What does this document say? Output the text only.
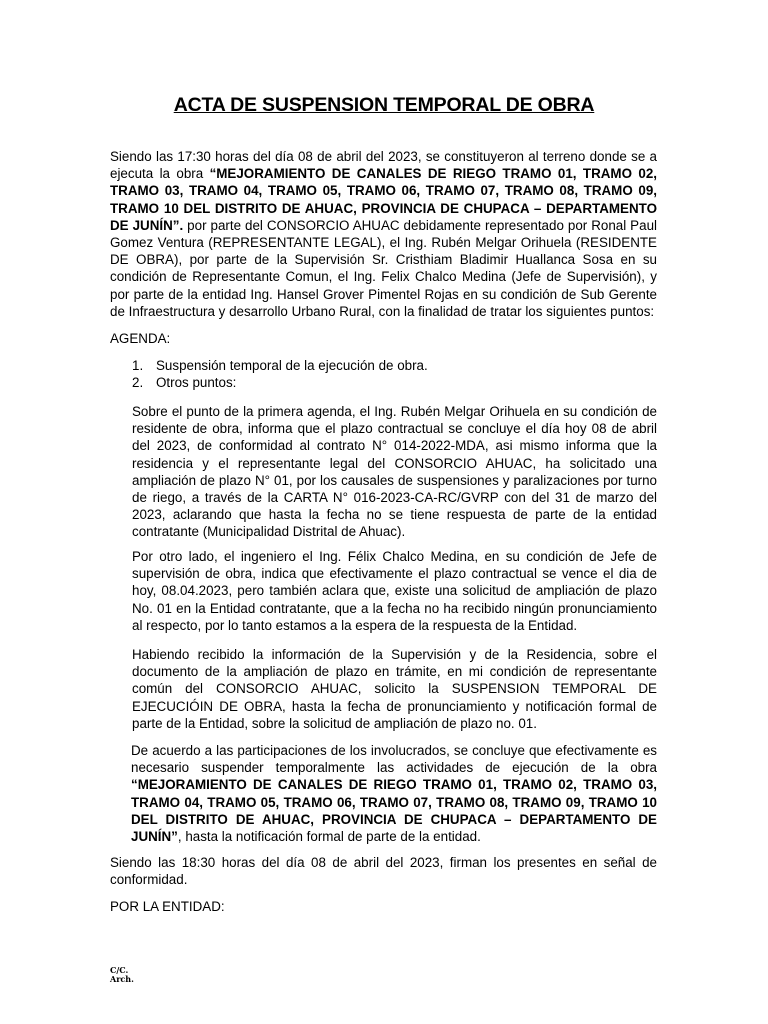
ACTA DE SUSPENSION TEMPORAL DE OBRA

Siendo las 17:30 horas del día 08 de abril del 2023, se constituyeron al terreno donde se a ejecuta la obra “MEJORAMIENTO DE CANALES DE RIEGO TRAMO 01, TRAMO 02, TRAMO 03, TRAMO 04, TRAMO 05, TRAMO 06, TRAMO 07, TRAMO 08, TRAMO 09, TRAMO 10 DEL DISTRITO DE AHUAC, PROVINCIA DE CHUPACA – DEPARTAMENTO DE JUNÍN”. por parte del CONSORCIO AHUAC debidamente representado por Ronal Paul Gomez Ventura (REPRESENTANTE LEGAL), el Ing. Rubén Melgar Orihuela (RESIDENTE DE OBRA), por parte de la Supervisión Sr. Cristhiam Bladimir Huallanca Sosa en su condición de Representante Comun, el Ing. Felix Chalco Medina (Jefe de Supervisión), y por parte de la entidad Ing. Hansel Grover Pimentel Rojas en su condición de Sub Gerente de Infraestructura y desarrollo Urbano Rural, con la finalidad de tratar los siguientes puntos:

AGENDA:

1. Suspensión temporal de la ejecución de obra.
2. Otros puntos:

Sobre el punto de la primera agenda, el Ing. Rubén Melgar Orihuela en su condición de residente de obra, informa que el plazo contractual se concluye el día hoy 08 de abril del 2023, de conformidad al contrato N° 014-2022-MDA, asi mismo informa que la residencia y el representante legal del CONSORCIO AHUAC, ha solicitado una ampliación de plazo N° 01, por los causales de suspensiones y paralizaciones por turno de riego, a través de la CARTA N° 016-2023-CA-RC/GVRP con del 31 de marzo del 2023, aclarando que hasta la fecha no se tiene respuesta de parte de la entidad contratante (Municipalidad Distrital de Ahuac).

Por otro lado, el ingeniero el Ing. Félix Chalco Medina, en su condición de Jefe de supervisión de obra, indica que efectivamente el plazo contractual se vence el dia de hoy, 08.04.2023, pero también aclara que, existe una solicitud de ampliación de plazo No. 01 en la Entidad contratante, que a la fecha no ha recibido ningún pronunciamiento al respecto, por lo tanto estamos a la espera de la respuesta de la Entidad.

Habiendo recibido la información de la Supervisión y de la Residencia, sobre el documento de la ampliación de plazo en trámite, en mi condición de representante común del CONSORCIO AHUAC, solicito la SUSPENSION TEMPORAL DE EJECUCIÓIN DE OBRA, hasta la fecha de pronunciamiento y notificación formal de parte de la Entidad, sobre la solicitud de ampliación de plazo no. 01.

De acuerdo a las participaciones de los involucrados, se concluye que efectivamente es necesario suspender temporalmente las actividades de ejecución de la obra “MEJORAMIENTO DE CANALES DE RIEGO TRAMO 01, TRAMO 02, TRAMO 03, TRAMO 04, TRAMO 05, TRAMO 06, TRAMO 07, TRAMO 08, TRAMO 09, TRAMO 10 DEL DISTRITO DE AHUAC, PROVINCIA DE CHUPACA – DEPARTAMENTO DE JUNÍN”, hasta la notificación formal de parte de la entidad.

Siendo las 18:30 horas del día 08 de abril del 2023, firman los presentes en señal de conformidad.

POR LA ENTIDAD:

C/C.
Arch.
